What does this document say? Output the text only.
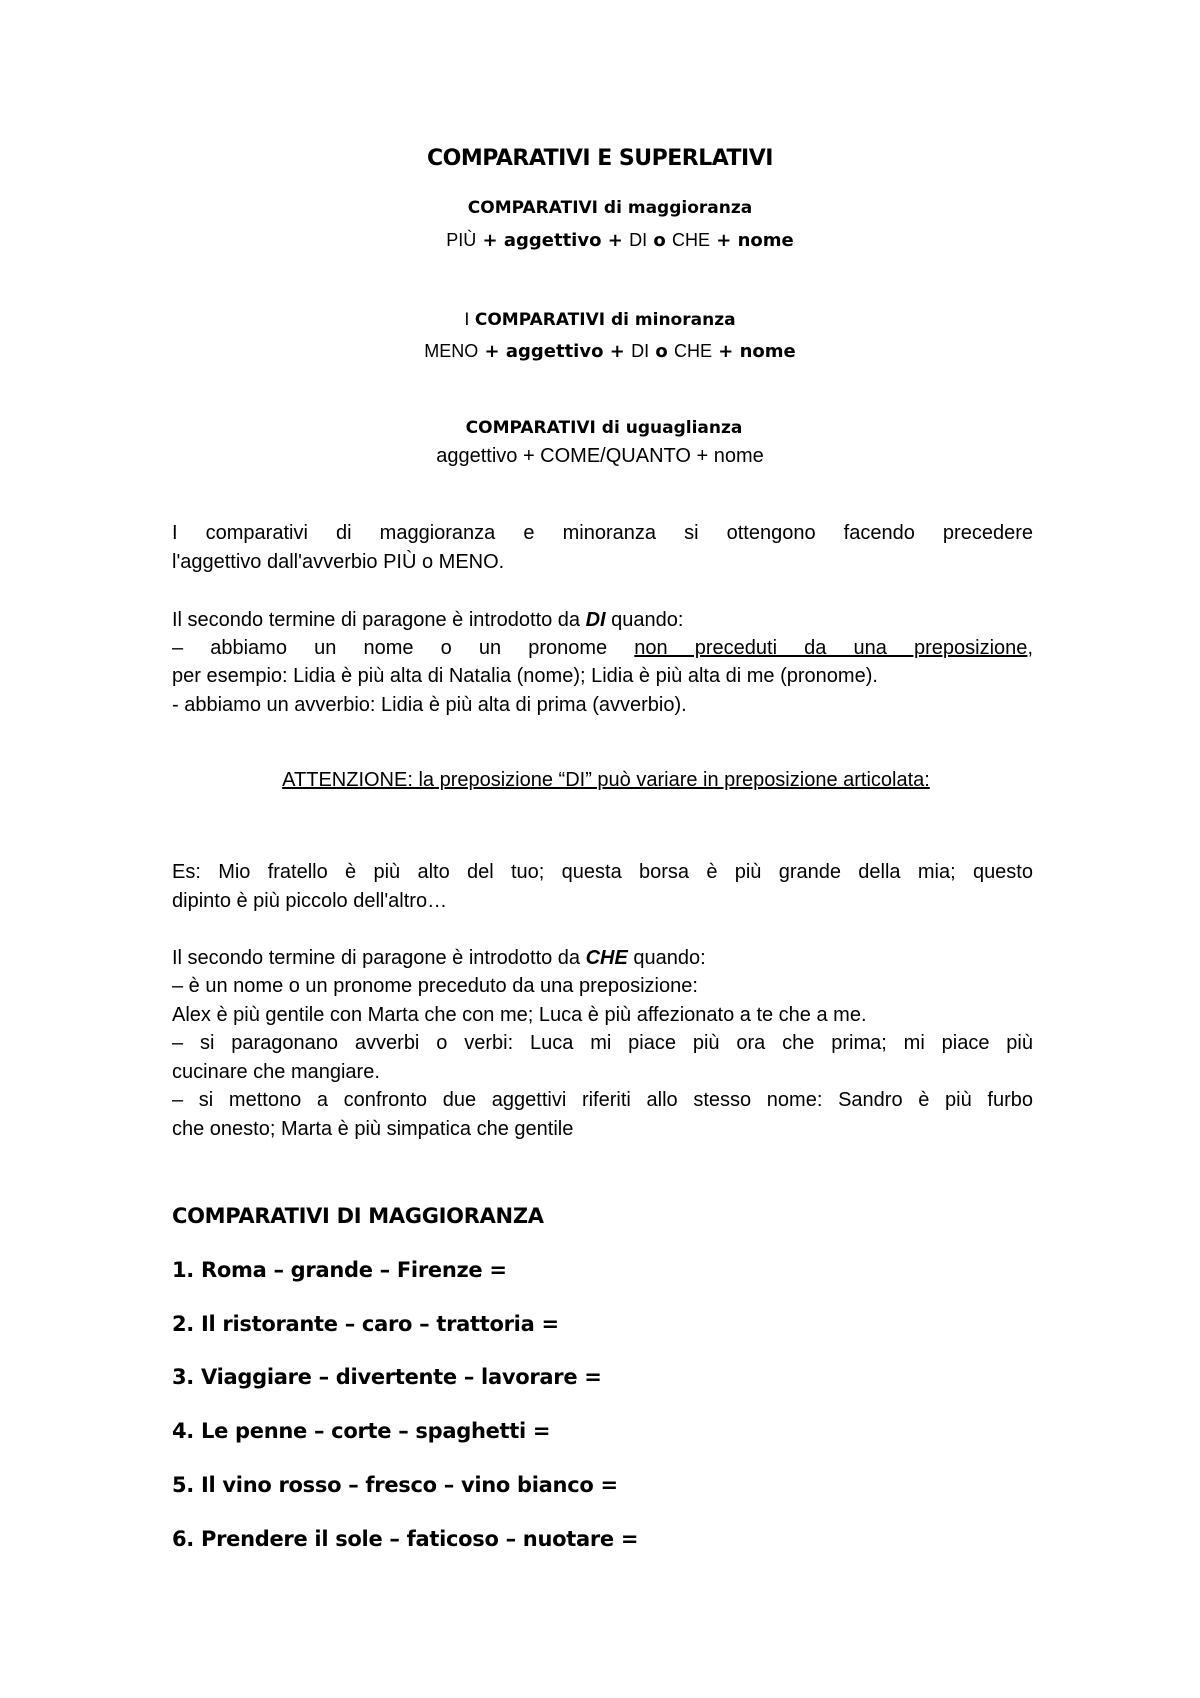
COMPARATIVI E SUPERLATIVI
COMPARATIVI di maggioranza
PIÙ + aggettivo + DI o CHE + nome
I COMPARATIVI di minoranza
MENO + aggettivo + DI o CHE + nome
COMPARATIVI di uguaglianza
aggettivo + COME/QUANTO + nome
I comparativi di maggioranza e minoranza si ottengono facendo precedere
l'aggettivo dall'avverbio PIÙ o MENO.
Il secondo termine di paragone è introdotto da DI quando:
– abbiamo un nome o un pronome non preceduti da una preposizione,
per esempio: Lidia è più alta di Natalia (nome); Lidia è più alta di me (pronome).
- abbiamo un avverbio: Lidia è più alta di prima (avverbio).
ATTENZIONE: la preposizione “DI” può variare in preposizione articolata:
Es: Mio fratello è più alto del tuo; questa borsa è più grande della mia; questo
dipinto è più piccolo dell'altro…
Il secondo termine di paragone è introdotto da CHE quando:
– è un nome o un pronome preceduto da una preposizione:
Alex è più gentile con Marta che con me; Luca è più affezionato a te che a me.
– si paragonano avverbi o verbi: Luca mi piace più ora che prima; mi piace più
cucinare che mangiare.
– si mettono a confronto due aggettivi riferiti allo stesso nome: Sandro è più furbo
che onesto; Marta è più simpatica che gentile
COMPARATIVI DI MAGGIORANZA
1. Roma – grande – Firenze =
2. Il ristorante – caro – trattoria =
3. Viaggiare – divertente – lavorare =
4. Le penne – corte – spaghetti =
5. Il vino rosso – fresco – vino bianco =
6. Prendere il sole – faticoso – nuotare =
